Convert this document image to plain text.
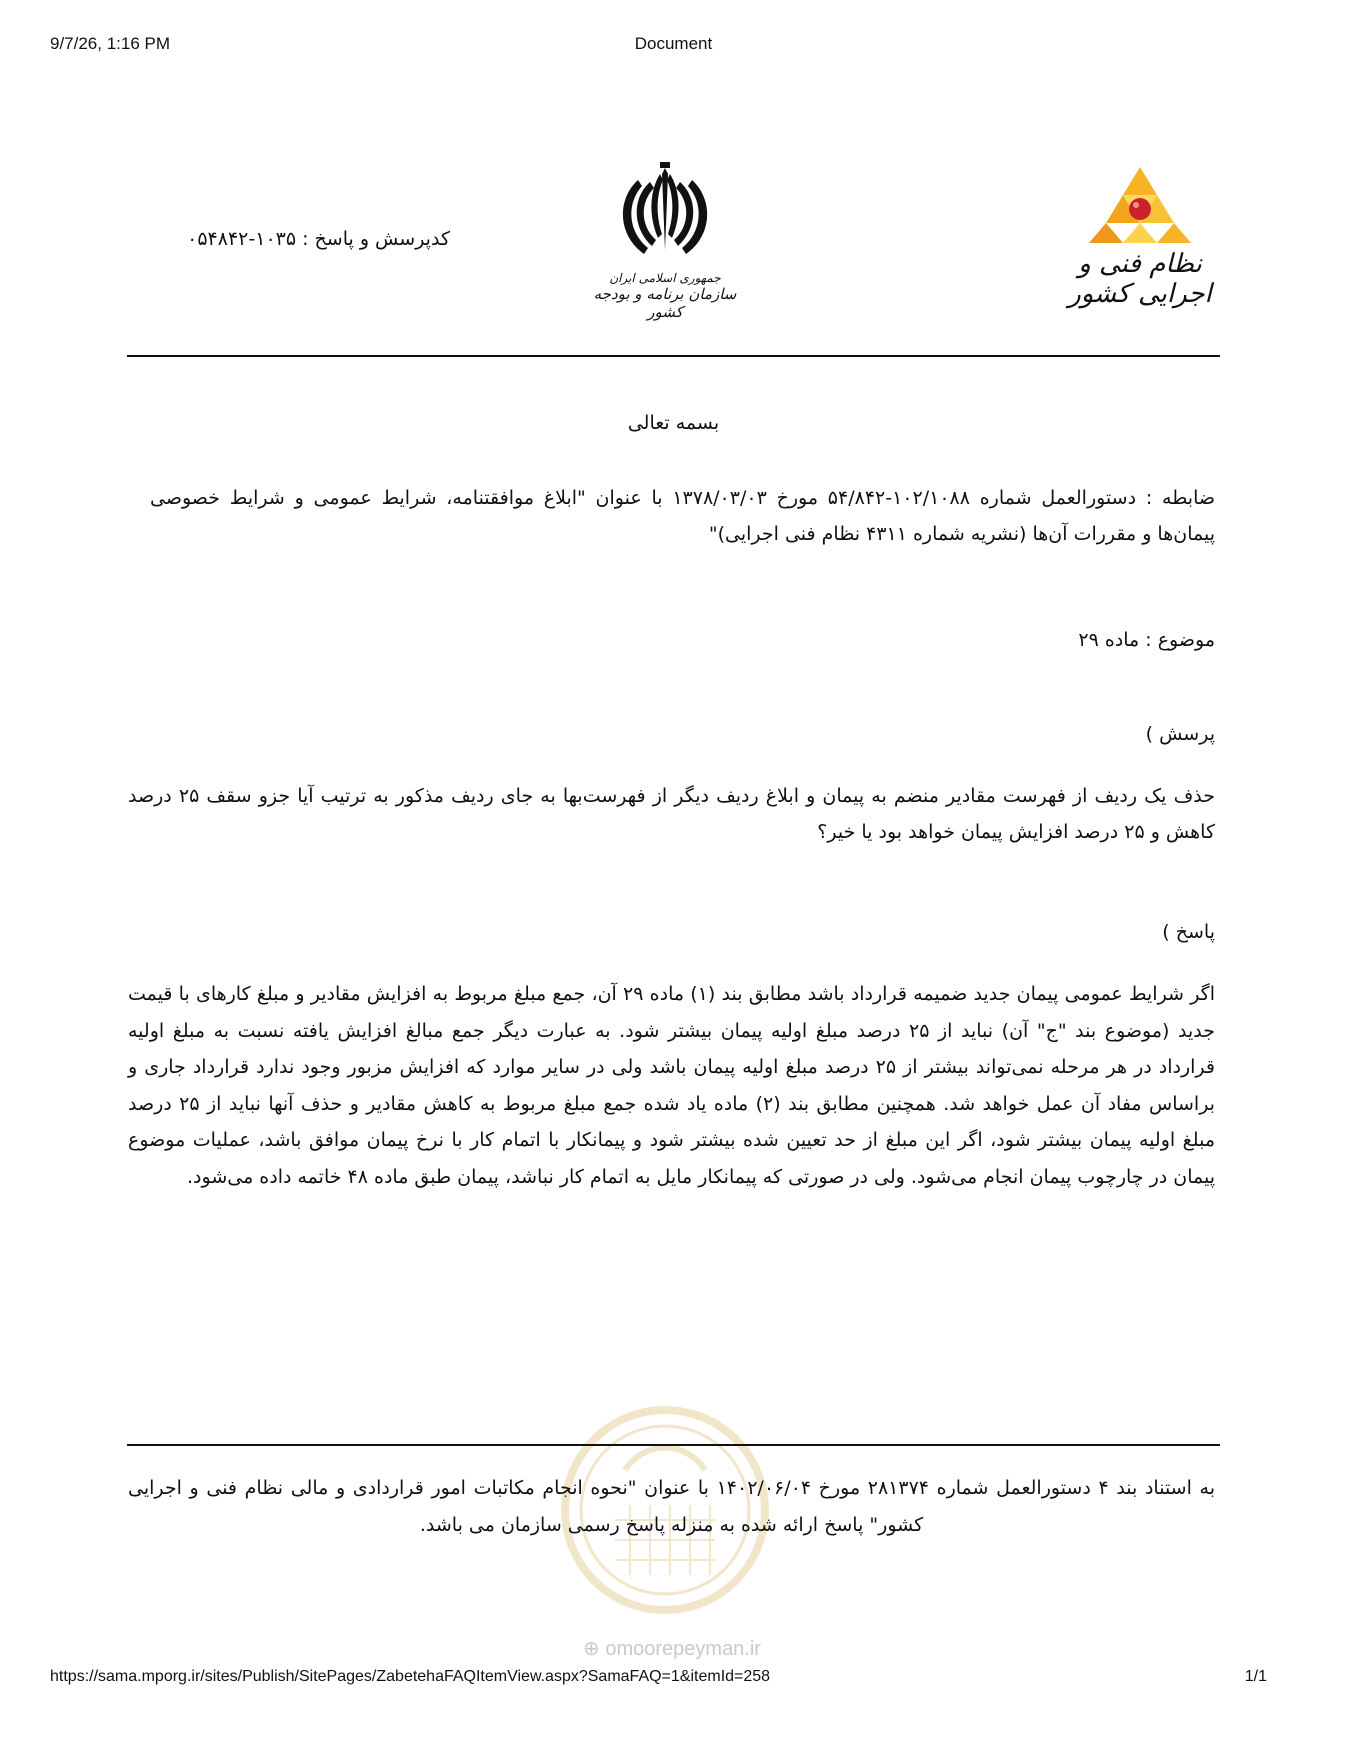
9/7/26, 1:16 PM	Document
کدپرسش و پاسخ : ۱۰۳۵-۰۵۴۸۴۲
جمهوری اسلامی ایران
سازمان برنامه و بودجه کشور
نظام فنی و اجرایی کشور
بسمه تعالی
ضابطه : دستورالعمل شماره ۱۰۲/۱۰۸۸-۵۴/۸۴۲ مورخ ۱۳۷۸/۰۳/۰۳ با عنوان "ابلاغ موافقتنامه، شرایط عمومی و شرایط خصوصی پیمان‌ها و مقررات آن‌ها (نشریه شماره ۴۳۱۱ نظام فنی اجرایی)"
موضوع : ماده ۲۹
پرسش )
حذف یک ردیف از فهرست مقادیر منضم به پیمان و ابلاغ ردیف دیگر از فهرست‌بها به جای ردیف مذکور به ترتیب آیا جزو سقف ۲۵ درصد کاهش و ۲۵ درصد افزایش پیمان خواهد بود یا خیر؟
پاسخ )
اگر شرایط عمومی پیمان جدید ضمیمه قرارداد باشد مطابق بند (۱) ماده ۲۹ آن، جمع مبلغ مربوط به افزایش مقادیر و مبلغ کارهای با قیمت جدید (موضوع بند "ج" آن) نباید از ۲۵ درصد مبلغ اولیه پیمان بیشتر شود. به عبارت دیگر جمع مبالغ افزایش یافته نسبت به مبلغ اولیه قرارداد در هر مرحله نمی‌تواند بیشتر از ۲۵ درصد مبلغ اولیه پیمان باشد ولی در سایر موارد که افزایش مزبور وجود ندارد قرارداد جاری و براساس مفاد آن عمل خواهد شد. همچنین مطابق بند (۲) ماده یاد شده جمع مبلغ مربوط به کاهش مقادیر و حذف آنها نباید از ۲۵ درصد مبلغ اولیه پیمان بیشتر شود، اگر این مبلغ از حد تعیین شده بیشتر شود و پیمانکار با اتمام کار با نرخ پیمان موافق باشد، عملیات موضوع پیمان در چارچوب پیمان انجام می‌شود. ولی در صورتی که پیمانکار مایل به اتمام کار نباشد، پیمان طبق ماده ۴۸ خاتمه داده می‌شود.
به استناد بند ۴ دستورالعمل شماره ۲۸۱۳۷۴ مورخ ۱۴۰۲/۰۶/۰۴ با عنوان "نحوه انجام مکاتبات امور قراردادی و مالی نظام فنی و اجرایی
کشور" پاسخ ارائه شده به منزله پاسخ رسمی سازمان می باشد.
⊕ omoorepeyman.ir
https://sama.mporg.ir/sites/Publish/SitePages/ZabetehaFAQItemView.aspx?SamaFAQ=1&itemId=258	1/1
